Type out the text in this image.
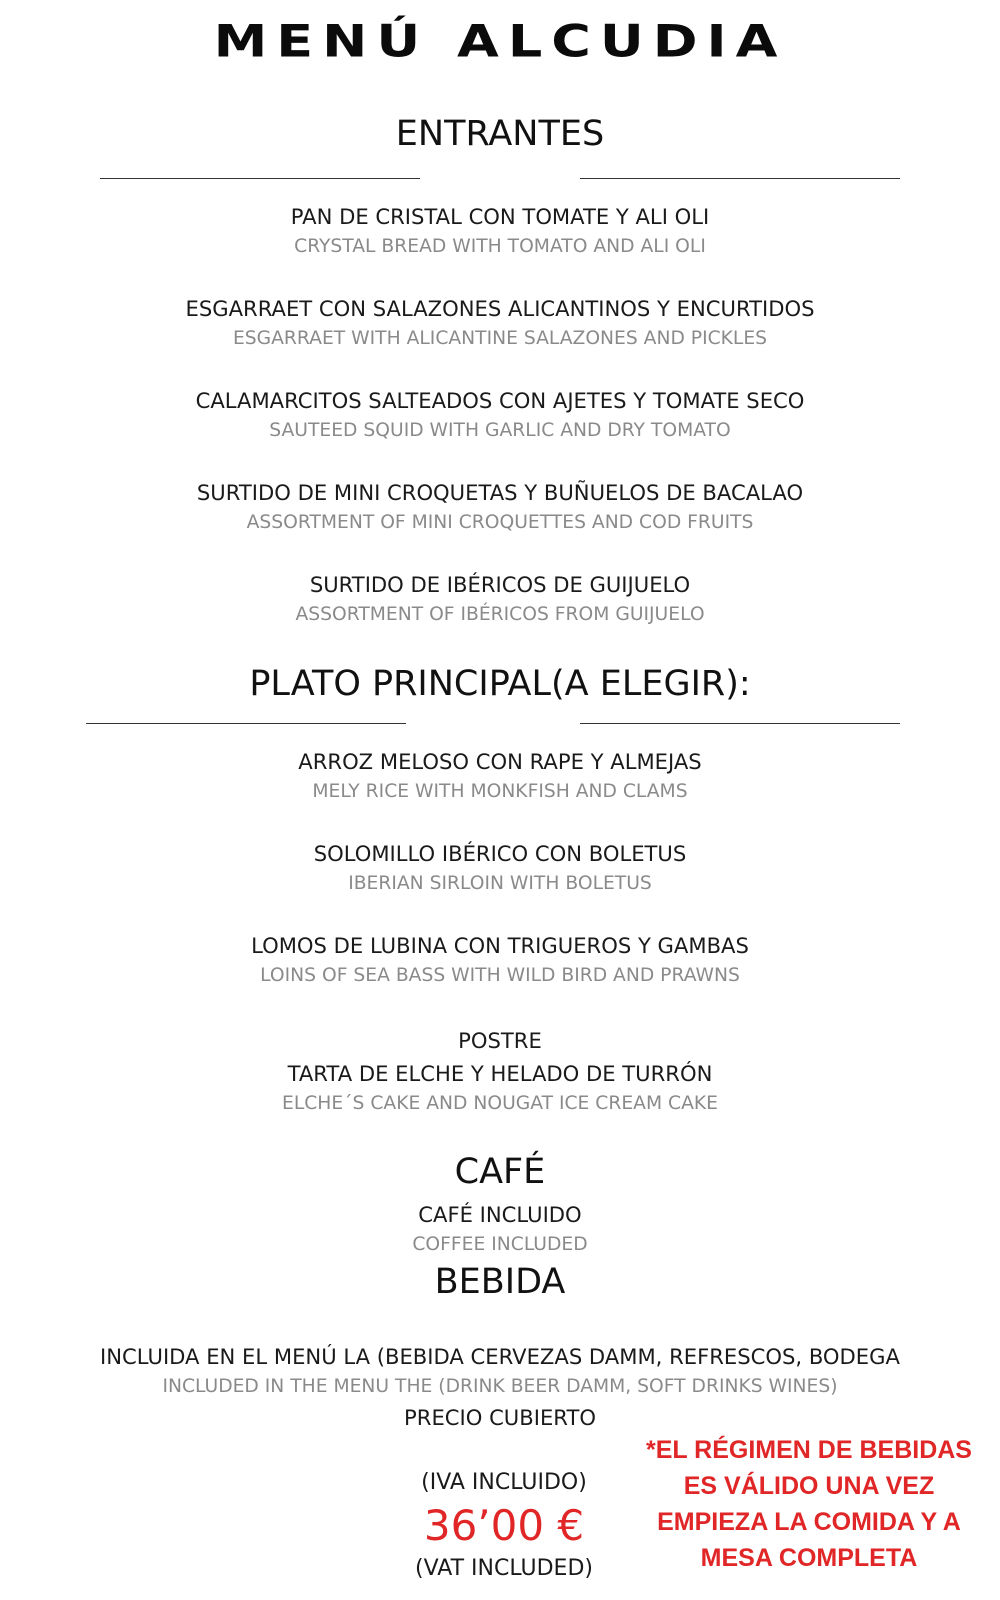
MENÚ ALCUDIA
ENTRANTES
PAN DE CRISTAL CON TOMATE Y ALI OLI
CRYSTAL BREAD WITH TOMATO AND ALI OLI
ESGARRAET CON SALAZONES ALICANTINOS Y ENCURTIDOS
ESGARRAET WITH ALICANTINE SALAZONES AND PICKLES
CALAMARCITOS SALTEADOS CON AJETES Y TOMATE SECO
SAUTEED SQUID WITH GARLIC AND DRY TOMATO
SURTIDO DE MINI CROQUETAS Y BUÑUELOS DE BACALAO
ASSORTMENT OF MINI CROQUETTES AND COD FRUITS
SURTIDO DE IBÉRICOS DE GUIJUELO
ASSORTMENT OF IBÉRICOS FROM GUIJUELO
PLATO PRINCIPAL(A ELEGIR):
ARROZ MELOSO CON RAPE Y ALMEJAS
MELY RICE WITH MONKFISH AND CLAMS
SOLOMILLO IBÉRICO CON BOLETUS
IBERIAN SIRLOIN WITH BOLETUS
LOMOS DE LUBINA CON TRIGUEROS Y GAMBAS
LOINS OF SEA BASS WITH WILD BIRD AND PRAWNS
POSTRE
TARTA DE ELCHE Y HELADO DE TURRÓN
ELCHE´S CAKE AND NOUGAT ICE CREAM CAKE
CAFÉ
CAFÉ INCLUIDO
COFFEE INCLUDED
BEBIDA
INCLUIDA EN EL MENÚ LA (BEBIDA CERVEZAS DAMM, REFRESCOS, BODEGA
INCLUDED IN THE MENU THE (DRINK BEER DAMM, SOFT DRINKS WINES)
PRECIO CUBIERTO
(IVA INCLUIDO)
36’00 €
(VAT INCLUDED)
*EL RÉGIMEN DE BEBIDAS
ES VÁLIDO UNA VEZ
EMPIEZA LA COMIDA Y A
MESA COMPLETA
